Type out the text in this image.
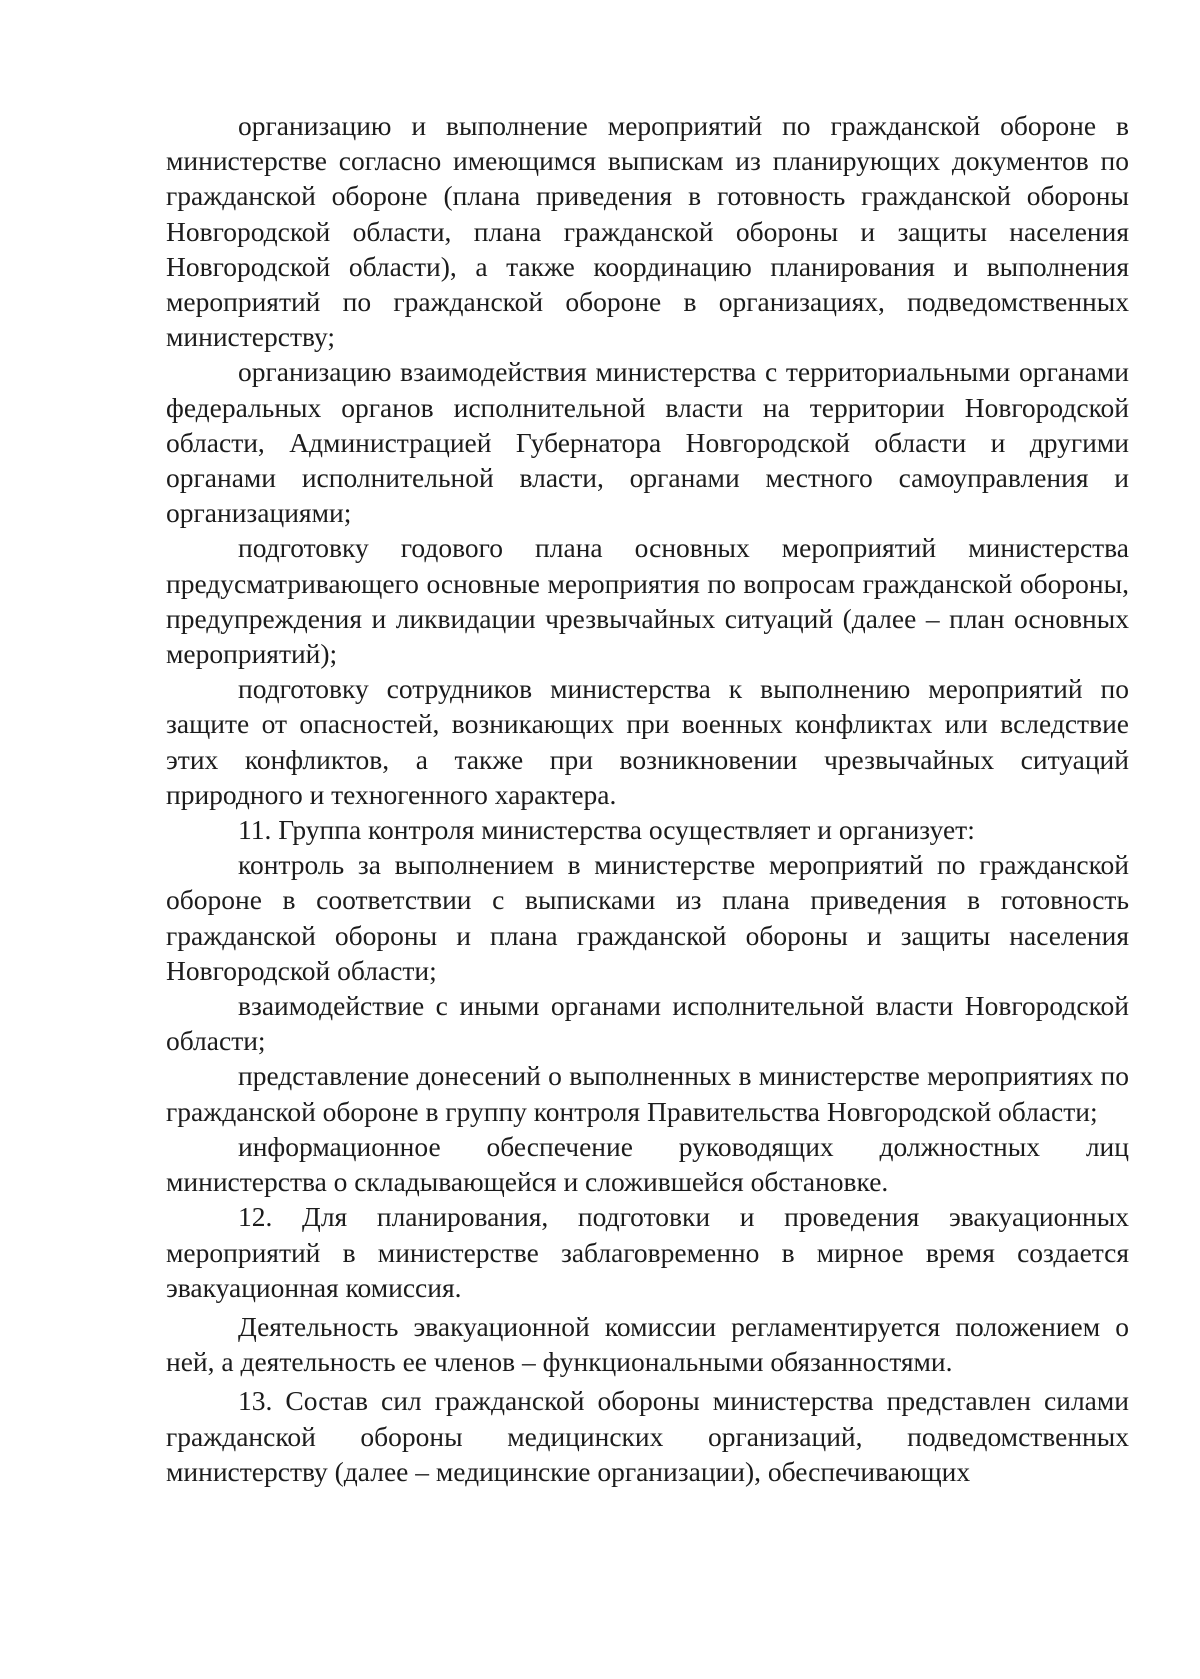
организацию и выполнение мероприятий по гражданской обороне в министерстве согласно имеющимся выпискам из планирующих документов по гражданской обороне (плана приведения в готовность гражданской обороны Новгородской области, плана гражданской обороны и защиты населения Новгородской области), а также координацию планирования и выполнения мероприятий по гражданской обороне в организациях, подведомственных министерству;

организацию взаимодействия министерства с территориальными органами федеральных органов исполнительной власти на территории Новгородской области, Администрацией Губернатора Новгородской области и другими органами исполнительной власти, органами местного самоуправления и организациями;

подготовку годового плана основных мероприятий министерства предусматривающего основные мероприятия по вопросам гражданской обороны, предупреждения и ликвидации чрезвычайных ситуаций (далее – план основных мероприятий);

подготовку сотрудников министерства к выполнению мероприятий по защите от опасностей, возникающих при военных конфликтах или вследствие этих конфликтов, а также при возникновении чрезвычайных ситуаций природного и техногенного характера.

11. Группа контроля министерства осуществляет и организует:

контроль за выполнением в министерстве мероприятий по гражданской обороне в соответствии с выписками из плана приведения в готовность гражданской обороны и плана гражданской обороны и защиты населения Новгородской области;

взаимодействие с иными органами исполнительной власти Новгородской области;

представление донесений о выполненных в министерстве мероприятиях по гражданской обороне в группу контроля Правительства Новгородской области;

информационное обеспечение руководящих должностных лиц министерства о складывающейся и сложившейся обстановке.

12. Для планирования, подготовки и проведения эвакуационных мероприятий в министерстве заблаговременно в мирное время создается эвакуационная комиссия.

Деятельность эвакуационной комиссии регламентируется положением о ней, а деятельность ее членов – функциональными обязанностями.

13. Состав сил гражданской обороны министерства представлен силами гражданской обороны медицинских организаций, подведомственных министерству (далее – медицинские организации), обеспечивающих
